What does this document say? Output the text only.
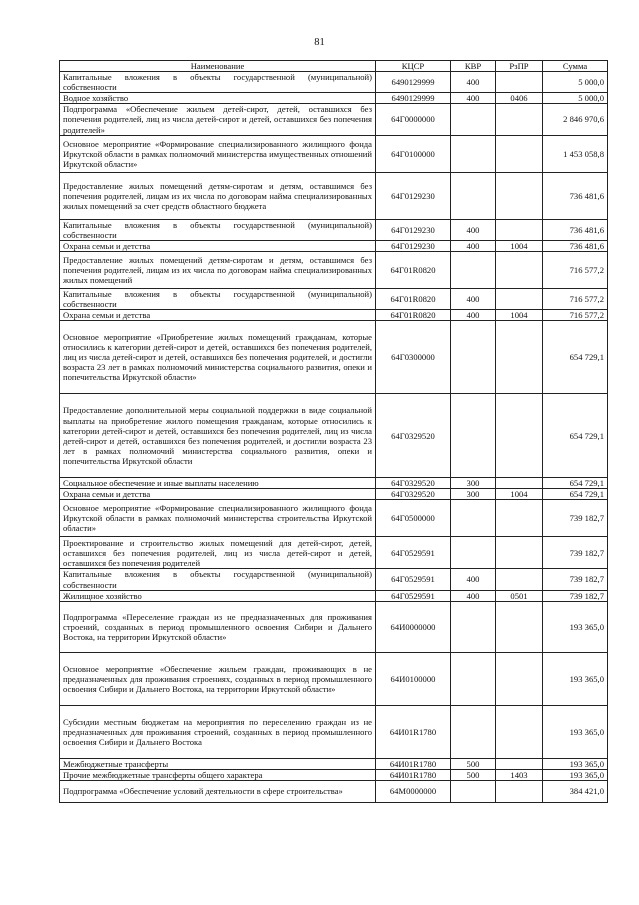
81
Наименование	КЦСР	КВР	РзПР	Сумма
Капитальные вложения в объекты государственной (муниципальной) собственности	6490129999	400		5 000,0
Водное хозяйство	6490129999	400	0406	5 000,0
Подпрограмма «Обеспечение жильем детей-сирот, детей, оставшихся без попечения родителей, лиц из числа детей-сирот и детей, оставшихся без попечения родителей»	64Г0000000			2 846 970,6
Основное мероприятие «Формирование специализированного жилищного фонда Иркутской области в рамках полномочий министерства имущественных отношений Иркутской области»	64Г0100000			1 453 058,8
Предоставление жилых помещений детям-сиротам и детям, оставшимся без попечения родителей, лицам из их числа по договорам найма специализированных жилых помещений за счет средств областного бюджета	64Г0129230			736 481,6
Капитальные вложения в объекты государственной (муниципальной) собственности	64Г0129230	400		736 481,6
Охрана семьи и детства	64Г0129230	400	1004	736 481,6
Предоставление жилых помещений детям-сиротам и детям, оставшимся без попечения родителей, лицам из их числа по договорам найма специализированных жилых помещений	64Г01R0820			716 577,2
Капитальные вложения в объекты государственной (муниципальной) собственности	64Г01R0820	400		716 577,2
Охрана семьи и детства	64Г01R0820	400	1004	716 577,2
Основное мероприятие «Приобретение жилых помещений гражданам, которые относились к категории детей-сирот и детей, оставшихся без попечения родителей, лиц из числа детей-сирот и детей, оставшихся без попечения родителей, и достигли возраста 23 лет в рамках полномочий министерства социального развития, опеки и попечительства Иркутской области»	64Г0300000			654 729,1
Предоставление дополнительной меры социальной поддержки в виде социальной выплаты на приобретение жилого помещения гражданам, которые относились к категории детей-сирот и детей, оставшихся без попечения родителей, лиц из числа детей-сирот и детей, оставшихся без попечения родителей, и достигли возраста 23 лет в рамках полномочий министерства социального развития, опеки и попечительства Иркутской области	64Г0329520			654 729,1
Социальное обеспечение и иные выплаты населению	64Г0329520	300		654 729,1
Охрана семьи и детства	64Г0329520	300	1004	654 729,1
Основное мероприятие «Формирование специализированного жилищного фонда Иркутской области в рамках полномочий министерства строительства Иркутской области»	64Г0500000			739 182,7
Проектирование и строительство жилых помещений для детей-сирот, детей, оставшихся без попечения родителей, лиц из числа детей-сирот и детей, оставшихся без попечения родителей	64Г0529591			739 182,7
Капитальные вложения в объекты государственной (муниципальной) собственности	64Г0529591	400		739 182,7
Жилищное хозяйство	64Г0529591	400	0501	739 182,7
Подпрограмма «Переселение граждан из не предназначенных для проживания строений, созданных в период промышленного освоения Сибири и Дальнего Востока, на территории Иркутской области»	64И0000000			193 365,0
Основное мероприятие «Обеспечение жильем граждан, проживающих в не предназначенных для проживания строениях, созданных в период промышленного освоения Сибири и Дальнего Востока, на территории Иркутской области»	64И0100000			193 365,0
Субсидии местным бюджетам на мероприятия по переселению граждан из не предназначенных для проживания строений, созданных в период промышленного освоения Сибири и Дальнего Востока	64И01R1780			193 365,0
Межбюджетные трансферты	64И01R1780	500		193 365,0
Прочие межбюджетные трансферты общего характера	64И01R1780	500	1403	193 365,0
Подпрограмма «Обеспечение условий деятельности в сфере строительства»	64М0000000			384 421,0
